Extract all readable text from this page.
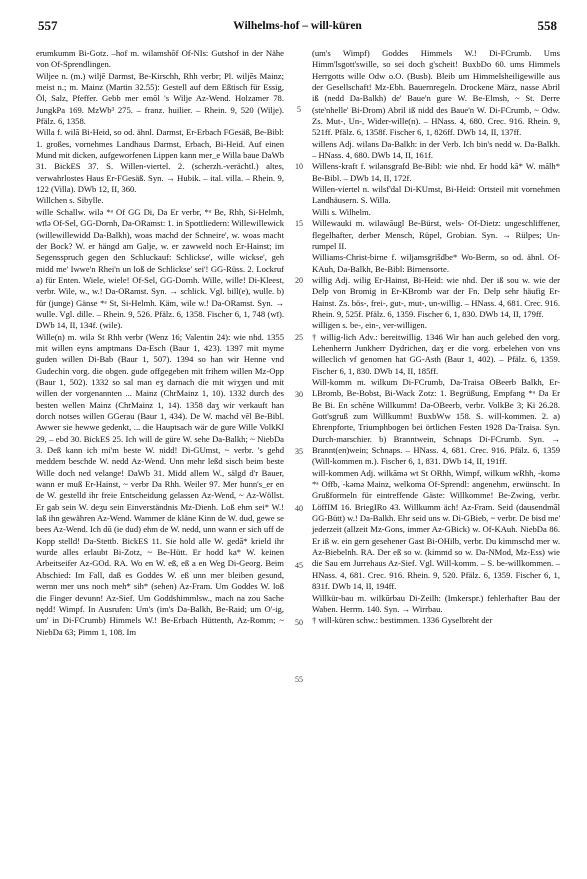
557	Wilhelms-hof – will-küren	558

erumkumm Bi-Gotz. –hof m. wilamshōf Of-NIs: Gutshof in der Nähe von Of-Sprendlingen.

Wiljee n. (m.) wiljē Darmst, Be-Kirschh, Rhh verbr; Pl. wiljēs Mainz; meist n.; m. Mainz (Martin 32.55): Gestell auf dem Eßtisch für Essig, Öl, Salz, Pfeffer. Gebb mer emōl 's Wilje Az-Wend. Holzamer 78. JungkPa 169. MzWb³ 275. – franz. huilier. – Rhein. 9, 520 (Wilje). Pfälz. 6, 1358.

Willa f. wilā Bi-Heid, so od. ähnl. Darmst, Er-Erbach FGesäß, Be-Bibl: 1. großes, vornehmes Landhaus Darmst, Erbach, Bi-Heid. Auf einen Mund mit dicken, aufgeworfenen Lippen kann mer_e Willa baue DaWb 31. BickES 37. S. Willen-viertel. 2. (scherzh.-verächtl.) altes, verwahrlostes Haus Er-FGesäß. Syn. → Hubik. – ital. villa. – Rhein. 9, 122 (Villa). DWb 12, II, 360.

Willchen s. Sibylle.

wille Schallw. wilə *ᵃ Of GG Di, Da Er verbr, *ᵃ Be, Rhh, Si-Helmh, wīlə Of-Sel, GG-Dornh, Da-ORamst: 1. in Spottliedern: Willewillewick (willewillewidd Da-Balkh), woas machd der Schneire', w. woas macht der Bock? W. er hängd am Galje, w. er zawweld noch Er-Hainst; im Segensspruch gegen den Schluckauf: Schlickse', wille wickse', geh midd me' Iwwe'n Rhei'n un loß de Schlickse' sei'! GG-Rüss. 2. Lockruf a) für Enten. Wiele, wiele! Of-Sel, GG-Dornh. Wille, wille! Di-Kleest, verbr. Wile, w., w.! Da-ORamst. Syn. → schlick. Vgl. bill(e), wulle. b) für (junge) Gänse *ᵃ St, Si-Helmh. Käm, wile w.! Da-ORamst. Syn. → wulle. Vgl. dille. – Rhein. 9, 526. Pfälz. 6, 1358. Fischer 6, 1, 748 (wī). DWb 14, II, 134f. (wile).

Wille(n) m. wilə St Rhh verbr (Wenz 16; Valentin 24): wie nhd. 1355 mit willen eyns amptmans Da-Esch (Baur 1, 423). 1397 mit myme guden willen Di-Bab (Baur 1, 507). 1394 so han wir Henne vnd Gudechin vorg. die obgen. gude offgegeben mit frihem willen Mz-Opp (Baur 1, 502). 1332 so sal man eʒ darnach die mit wiʒʒen und mit willen der vorgenannten ... Mainz (ChrMainz 1, 10). 1332 durch des besten wellen Mainz (ChrMainz 1, 14). 1358 daʒ wir verkauft han dorch notses willen GGerau (Baur 1, 434). De W. machd vēl Be-Bibl. Awwer sie hewwe gedenkt, ... die Hauptsach wär de gure Wille VolkKl 29, – ebd 30. BickES 25. Ich will de güre W. sehe Da-Balkh; ~ NiebDa 3. Deß kann ich mi'm beste W. nidd! Di-GUmst, ~ verbr. 's gehd meddem beschde W. nedd Az-Wend. Unn mehr leßd sisch beim beste Wille doch ned velange! DaWb 31. Midd allem W., sälgd d'r Bauer, wann er muß Er-Hainst, ~ verbr Da Rhh. Weiler 97. Mer hunn's_er en de W. gestelld ihr freie Entscheidung gelassen Az-Wend, ~ Az-Wöllst. Er gab sein W. deʒu sein Einverständnis Mz-Dienh. Loß ehm sei* W.! laß ihn gewähren Az-Wend. Wammer de kläne Kinn de W. dud, gewe se bees Az-Wend. Ich dū (ie dud) ehm de W. nedd, unn wann er sich uff de Kopp stelld! Da-Stettb. BickES 11. Sie hold alle W. gedā* krield ihr wurde alles erlaubt Bi-Zotz, ~ Be-Hütt. Er hodd ka* W. keinen Arbeitseifer Az-GOd. RA. Wo en W. eß, eß a en Weg Di-Georg. Beim Abschied: Im Fall, daß es Goddes W. eß unn mer bleiben gesund, wernn mer uns noch meh* sih* (sehen) Az-Fram. Um Goddes W. loß die Finger devunn! Az-Sief. Um Goddshimmlsw., mach na zou Sache nędd! Wimpf. In Ausrufen: Um's (im's Da-Balkh, Be-Raid; um O'-ig, um' in Di-FCrumb) Himmels W.! Be-Erbach Hüttenth, Az-Romm; ~ NiebDa 63; Pimm 1, 108. Im

5
10
15
20
25
30
35
40
45
50
55

(um's Wimpf) Goddes Himmels W.! Di-FCrumb. Ums Himm'lsgott'swille, so sei doch g'scheit! BuxbDo 60. ums Himmels Herrgotts wille Odw o.O. (Busb). Bleib um Himmelsheiligewille aus der Gesellschaft! Mz-Ebh. Bauernregeln. Drockene März, nasse Abril iß (nedd Da-Balkh) de' Baue'n gure W. Be-Elmsh, ~ St. Derre (ste'nhelle' Bi-Drom) Abril iß nidd des Baue'n W. Di-FCrumb, ~ Odw. Zs. Mut-, Un-, Wider-wille(n). – HNass. 4, 680. Crec. 916. Rhein. 9, 521ff. Pfälz. 6, 1358f. Fischer 6, 1, 826ff. DWb 14, II, 137ff.

willens Adj. wilans Da-Balkh: in der Verb. Ich bin's nedd w. Da-Balkh. – HNass. 4, 680. DWb 14, II, 161f.

Willens-kraft f. wilənsgrafd Be-Bibl: wie nhd. Er hodd kā* W. mālh* Be-Bibl. – DWb 14, II, 172f.

Willen-viertel n. wilsf'dal Di-KUmst, Bi-Heid: Ortsteil mit vornehmen Landhäusern. S. Willa.

Willi s. Wilhelm.

Willewauki m. wilawāugl Be-Bürst, wels- Of-Dietz: ungeschliffener, flegelhafter, derber Mensch, Rüpel, Grobian. Syn. → Rülpes; Un-rumpel II.

Williams-Christ-birne f. wiljamsgrišdbe* Wo-Berm, so od. ähnl. Of-KAuh, Da-Balkh, Be-Bibl: Birnensorte.

willig Adj. wilig Er-Hainst, Bi-Heid: wie nhd. Der iß sou w. wie der Delp von Bromig in Er-KBromb war der Fn. Delp sehr häufig Er-Hainst. Zs. bös-, frei-, gut-, mut-, un-willig. – HNass. 4, 681. Crec. 916. Rhein. 9, 525f. Pfälz. 6, 1359. Fischer 6, 1, 830. DWb 14, II, 179ff.

willigen s. be-, ein-, ver-willigen.

† willig-lich Adv.: bereitwillig. 1346 Wir han auch gelebed den vorg. Lehenherrn Junkherr Dydrichen, daʒ er die vorg. erbelehen von vns willeclich vf genomen hat GG-Asth (Baur 1, 402). – Pfälz. 6, 1359. Fischer 6, 1, 830. DWb 14, II, 185ff.

Will-komm m. wilkum Di-FCrumb, Da-Traisa OBeerb Balkh, Er-LBromb, Be-Bobst, Bi-Wack Zotz: 1. Begrüßung, Empfang *ᵃ Da Er Be Bi. En schēne Willkumm! Da-OBeerb, verbr. VolkBe 3; Ki 26.28. Gott'sgruß zum Willkumm! BuxbWw 158. S. will-kommen. 2. a) Ehrenpforte, Triumphbogen bei örtlichen Festen 1928 Da-Traisa. Syn. Durch-marschier. b) Branntwein, Schnaps Di-FCrumb. Syn. → Brannt(en)wein; Schnaps. – HNass. 4, 681. Crec. 916. Pfälz. 6, 1359 (Will-kommen m.). Fischer 6, 1, 831. DWb 14, II, 191ff.

will-kommen Adj. wilkāmə wt St ORhh, Wimpf, wilkum wRhh, -komə *ᵃ Offb, -kəmə Mainz, welkoma Of-Sprendl: angenehm, erwünscht. In Grußformeln für eintreffende Gäste: Willkomme! Be-Zwing, verbr. LöffIM 16. BriegIRo 43. Willkumm äch! Az-Fram. Seid (dausendmāl GG-Bütt) w.! Da-Balkh. Ehr seid uns w. Di-GBieb, ~ verbr. De bisd me' jederzeit (allzeit Mz-Gons, immer Az-GBick) w. Of-KAuh. NiebDa 86. Er iß w. ein gern gesehener Gast Bi-OHilb, verbr. Du kimmschd mer w. Az-Biebelnh. RA. Der eß so w. (kimmd so w. Da-NMod, Mz-Ess) wie die Sau em Jurrehaus Az-Sief. Vgl. Will-komm. – S. be-willkommen. – HNass. 4, 681. Crec. 916. Rhein. 9, 520. Pfälz. 6, 1359. Fischer 6, 1, 831f. DWb 14, II, 194ff.

Willkür-bau m. wilkūrbau Di-Zeilh: (Imkerspr.) fehlerhafter Bau der Waben. Herrm. 140. Syn. → Wirrbau.

† will-küren schw.: bestimmen. 1336 Gyselbreht der
